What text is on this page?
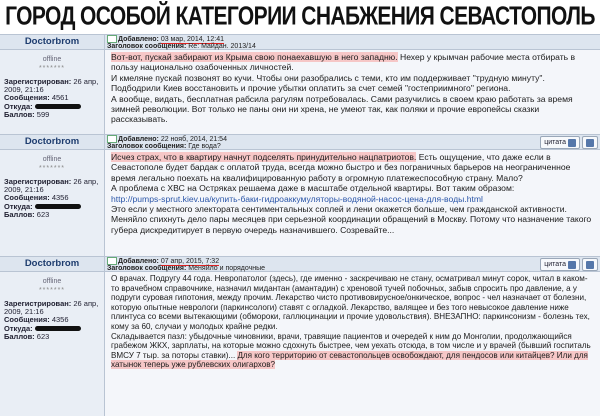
ГОРОД ОСОБОЙ КАТЕГОРИИ СНАБЖЕНИЯ СЕВАСТОПОЛЬ
Doctorbrom
offline
*******
Зарегистрирован: 26 апр, 2009, 21:16
Сообщения: 4561
Откуда:
Баллов: 599
Добавлено: 03 мар, 2014, 12:41
Заголовок сообщения: Re: Майдан. 2013/14
Вот-вот, пускай забирают из Крыма свою понаехавшую в него западню. Нехер у крымчан рабочие места отбирать в пользу национально озабоченных личностей.
И кмеляне пускай позвонят во кучи. Чтобы они разобрались с теми, кто им поддерживает "трудную минуту". Подбодрили Киев восстановить и прочие убытки оплатить за счет семей "гостеприимного" региона.
А вообще, видать, бесплатная рабсила рагулям потребовалась. Сами разучились в своем краю работать за время зимней революции. Вот только не паны они ни хрена, не умеют так, как поляки и прочие европейсы сказки рассказывать.
Doctorbrom
offline
*******
Зарегистрирован: 26 апр, 2009, 21:16
Сообщения: 4356
Откуда:
Баллов: 623
Добавлено: 22 нояб, 2014, 21:54
Заголовок сообщения: Где вода?
цитата
Исчез страх, что в квартиру начнут подселять принудительно нацпатриотов. Есть ощущение, что даже если в Севастополе будет бардак с оплатой труда, всегда можно быстро и без пограничных барьеров на неограниченное время легально поехать на квалифицированную работу в огромную платежеспособную страну. Мало?
А проблема с ХВС на Остряках решаема даже в масштабе отдельной квартиры. Вот таким образом:
http://pumps-sprut.kiev.ua/купить-баки-гидроаккумуляторы-водяной-насос-цена-для-воды.html
Это если у местного электората сентиментальных соплей и лени окажется больше, чем гражданской активности. Меняйло спихнуть дело пары месяцев при серьезной координации обращений в Москву. Потому что назначение такого губера дискредитирует в первую очередь назначившего. Созревайте...
Doctorbrom
offline
*******
Зарегистрирован: 26 апр, 2009, 21:16
Сообщения: 4356
Откуда:
Баллов: 623
Добавлено: 07 апр, 2015, 7:32
Заголовок сообщения: Меняйло и порядочные
цитата
О врачах. Подругу 44 года. Невропатолог (здесь), где именно - заскречиваю не стану, осматривал минут сорок, читал в каком-то врачебном справочнике, назначил мидантан (амантадин) с хреновой тучей побочных, забыв спросить про давление, а у подруги суровая гипотония, между прочим. Лекарство чисто противовирусное/онкическое, вопрос - чел назначает от болезни, которую опытные неврологи (паркинсологи) ставят с огладкой. Лекарство, валящее и без того невысокое давление ниже плинтуса со всеми вытекающими (обмороки, галлюцинации и прочие удовольствия). ВНЕЗАПНО: паркинсонизм - болезнь тех, кому за 60, случаи у молодых крайне редки.
Складывается пазл: убыдочные чиновники, врачи, травящие пациентов и очередей к ним до Монголии, продолжающийся грабежом ЖКХ, зарплаты, на которые можно сдохнуть быстрее, чем уехать отсюда, в том числе и у врачей (бывший госпиталь ВМСУ 7 тыр. за поторы ставки)... Для кого территорию от севастопольцев освобождают, для пендосов или китайцев? Или для хатынок теперь уже рублевских олигархов?
